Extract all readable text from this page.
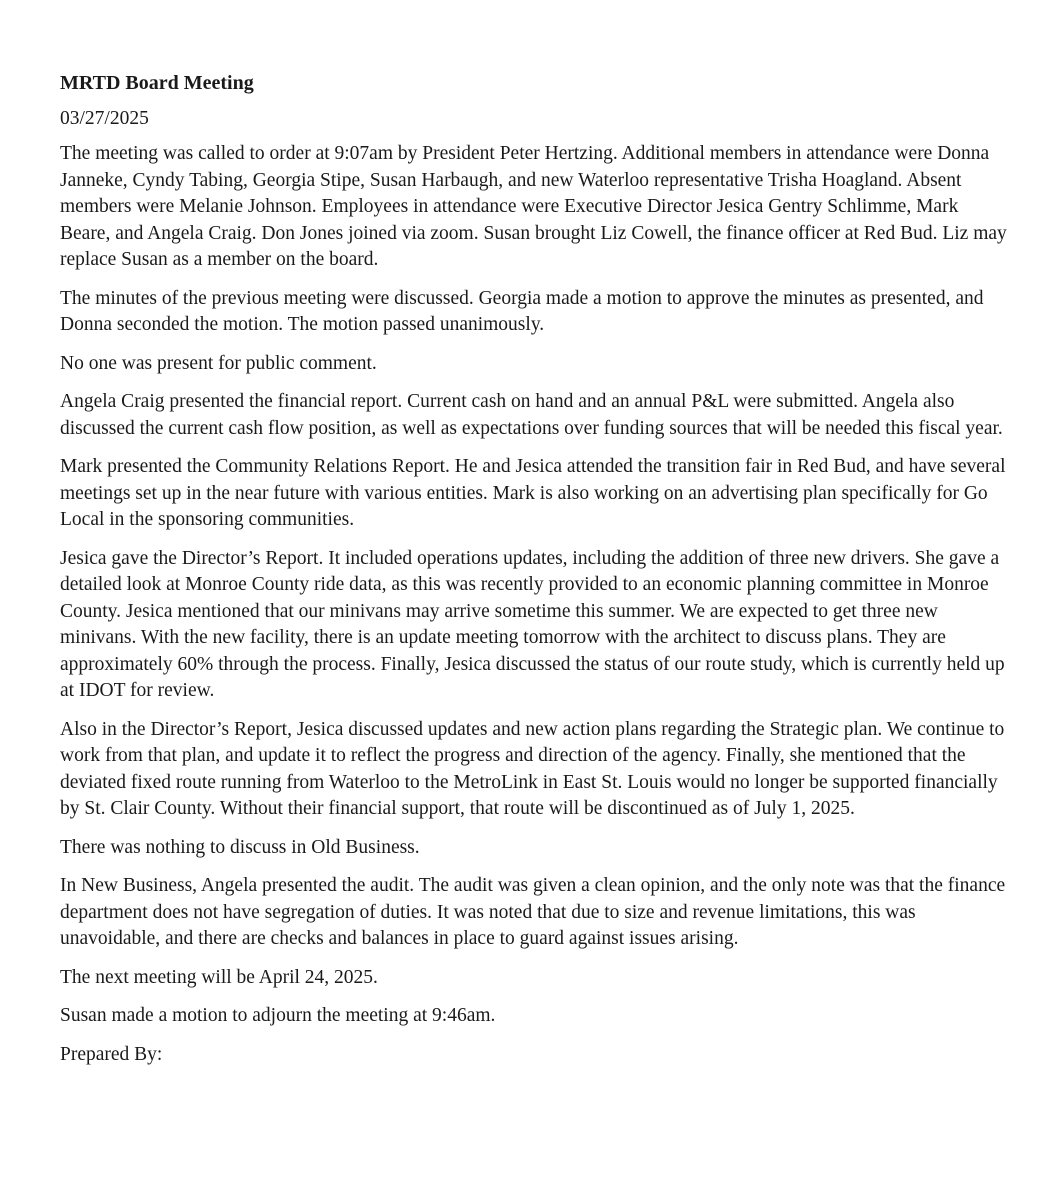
MRTD Board Meeting
03/27/2025

The meeting was called to order at 9:07am by President Peter Hertzing. Additional members in attendance were Donna Janneke, Cyndy Tabing, Georgia Stipe, Susan Harbaugh, and new Waterloo representative Trisha Hoagland. Absent members were Melanie Johnson. Employees in attendance were Executive Director Jesica Gentry Schlimme, Mark Beare, and Angela Craig. Don Jones joined via zoom. Susan brought Liz Cowell, the finance officer at Red Bud. Liz may replace Susan as a member on the board.

The minutes of the previous meeting were discussed. Georgia made a motion to approve the minutes as presented, and Donna seconded the motion. The motion passed unanimously.

No one was present for public comment.

Angela Craig presented the financial report. Current cash on hand and an annual P&L were submitted. Angela also discussed the current cash flow position, as well as expectations over funding sources that will be needed this fiscal year.

Mark presented the Community Relations Report. He and Jesica attended the transition fair in Red Bud, and have several meetings set up in the near future with various entities. Mark is also working on an advertising plan specifically for Go Local in the sponsoring communities.

Jesica gave the Director’s Report. It included operations updates, including the addition of three new drivers. She gave a detailed look at Monroe County ride data, as this was recently provided to an economic planning committee in Monroe County. Jesica mentioned that our minivans may arrive sometime this summer. We are expected to get three new minivans. With the new facility, there is an update meeting tomorrow with the architect to discuss plans. They are approximately 60% through the process. Finally, Jesica discussed the status of our route study, which is currently held up at IDOT for review.

Also in the Director’s Report, Jesica discussed updates and new action plans regarding the Strategic plan. We continue to work from that plan, and update it to reflect the progress and direction of the agency. Finally, she mentioned that the deviated fixed route running from Waterloo to the MetroLink in East St. Louis would no longer be supported financially by St. Clair County. Without their financial support, that route will be discontinued as of July 1, 2025.

There was nothing to discuss in Old Business.

In New Business, Angela presented the audit. The audit was given a clean opinion, and the only note was that the finance department does not have segregation of duties. It was noted that due to size and revenue limitations, this was unavoidable, and there are checks and balances in place to guard against issues arising.

The next meeting will be April 24, 2025.

Susan made a motion to adjourn the meeting at 9:46am.

Prepared By:
